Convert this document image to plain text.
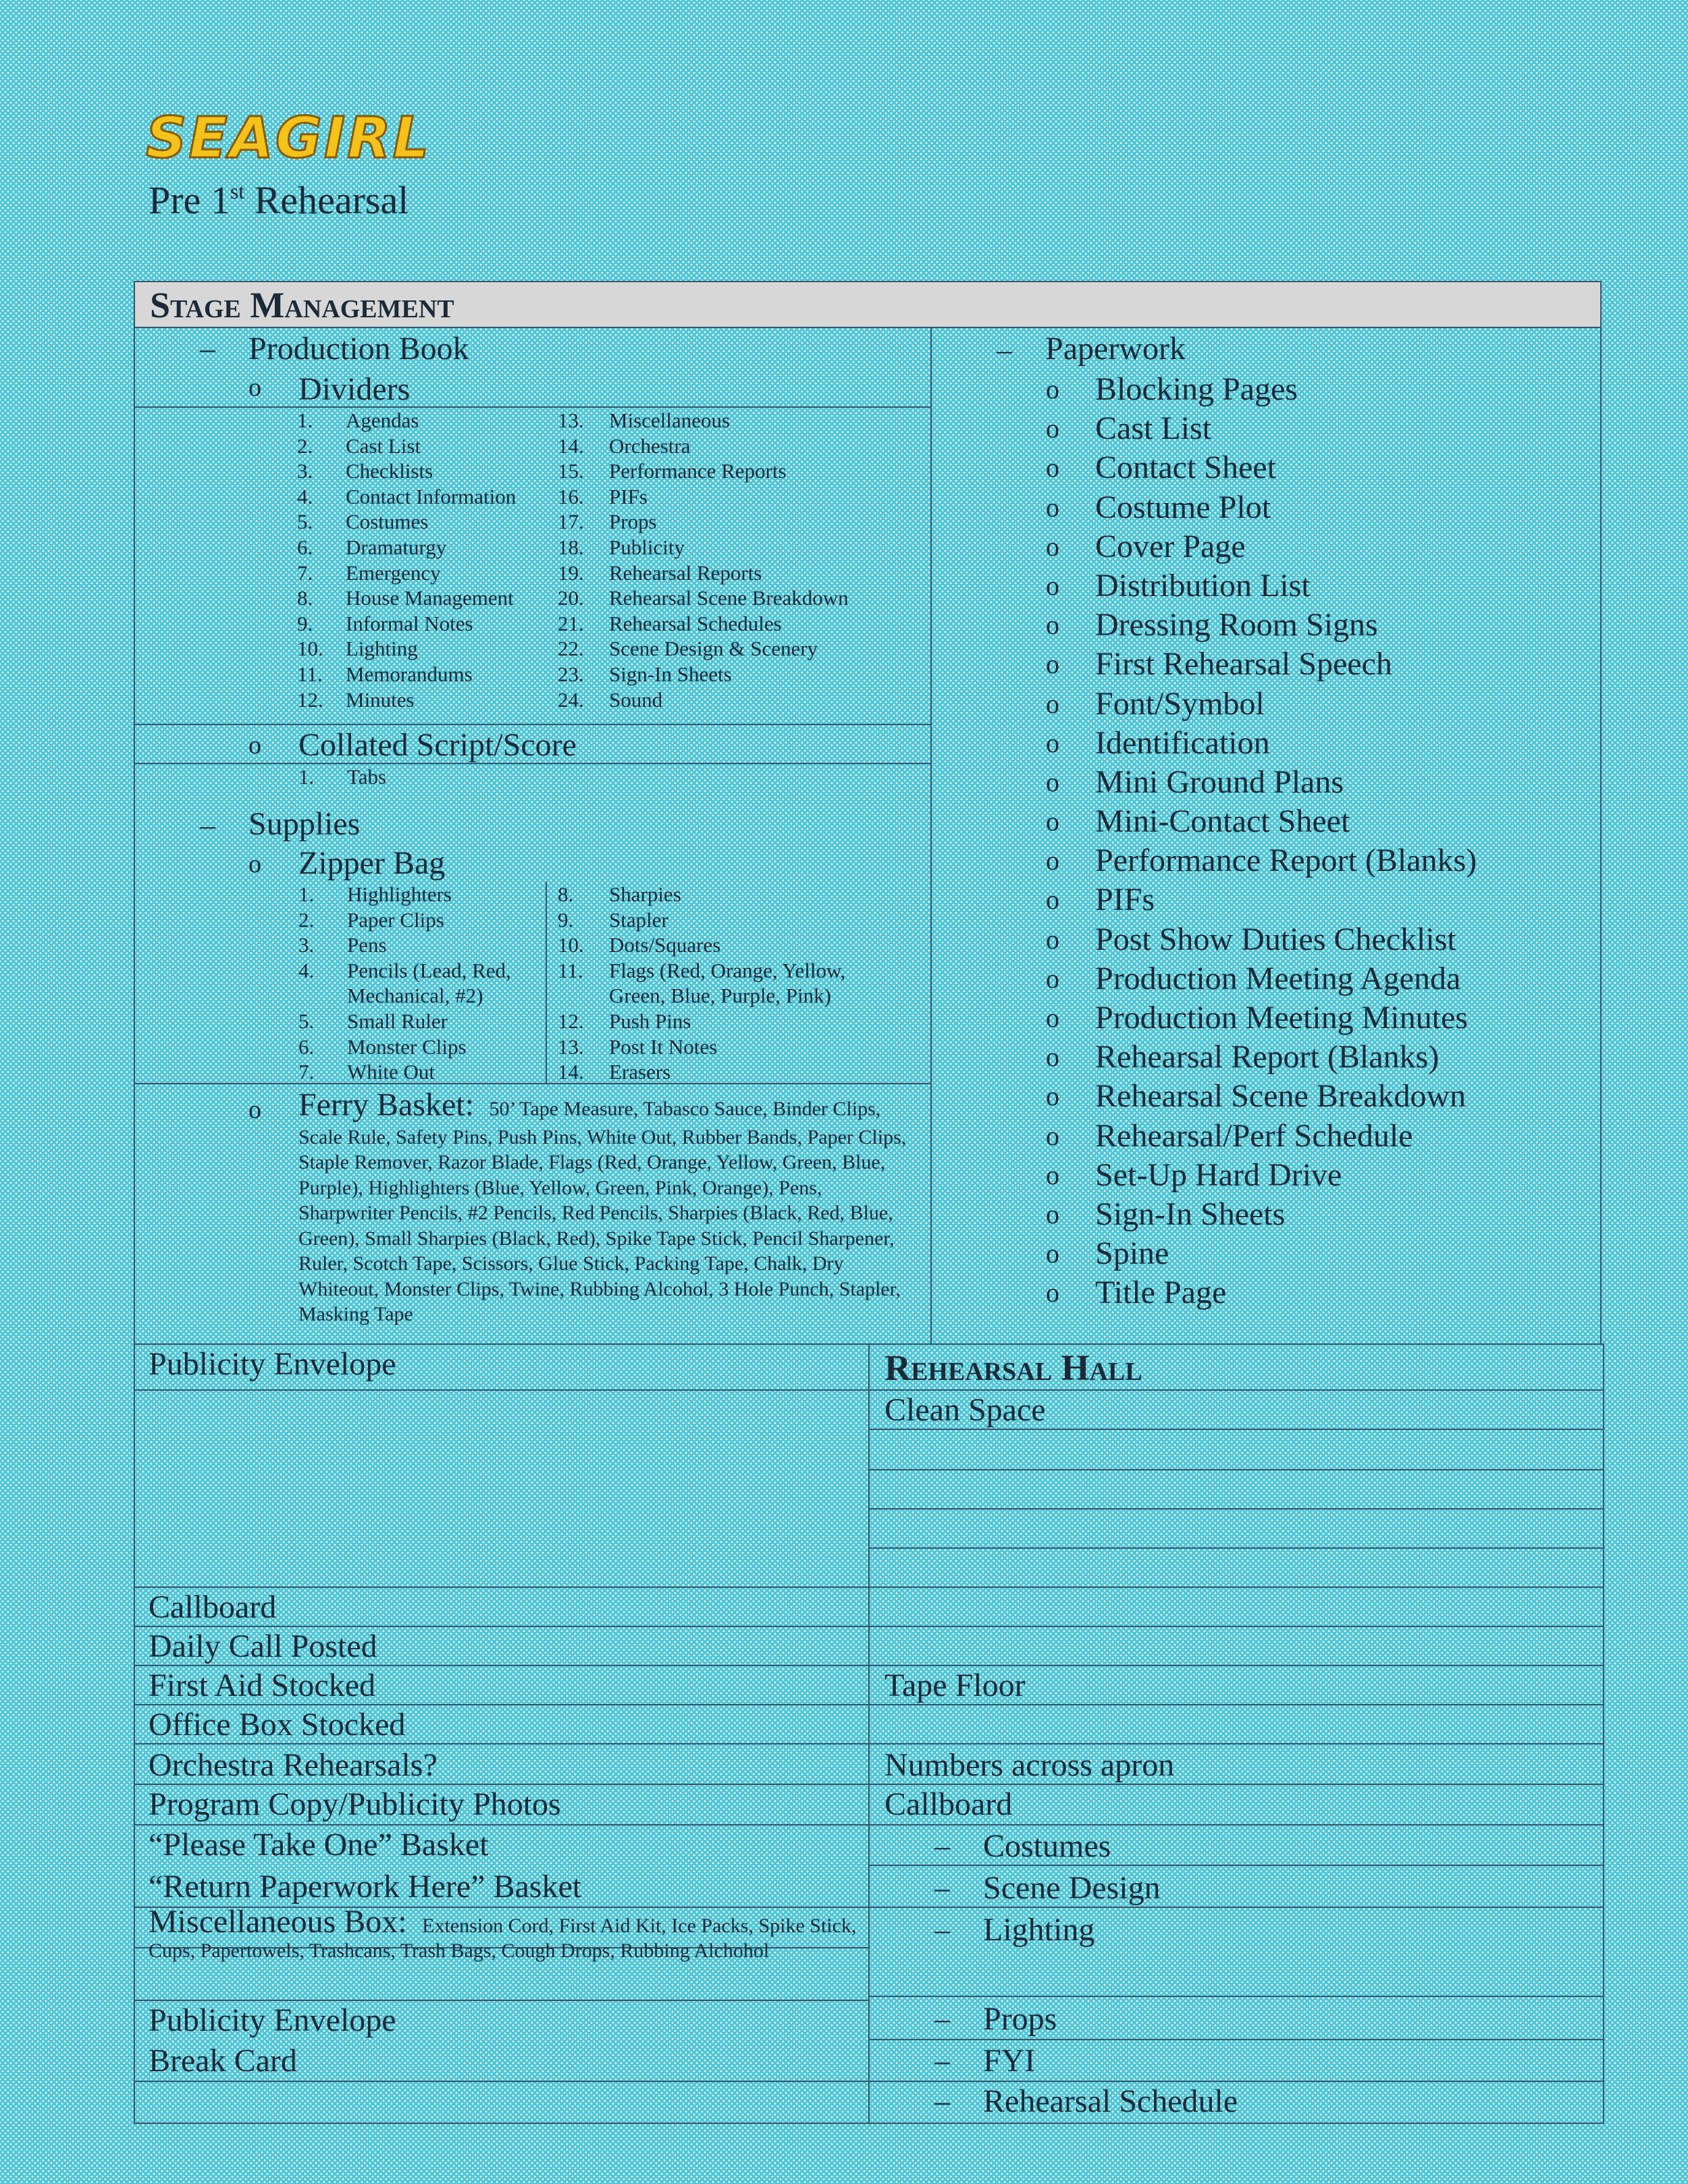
SEAGIRL
Pre 1st Rehearsal
Stage Management
– Production Book
o Dividers
1. Agendas
2. Cast List
3. Checklists
4. Contact Information
5. Costumes
6. Dramaturgy
7. Emergency
8. House Management
9. Informal Notes
10. Lighting
11. Memorandums
12. Minutes
13. Miscellaneous
14. Orchestra
15. Performance Reports
16. PIFs
17. Props
18. Publicity
19. Rehearsal Reports
20. Rehearsal Scene Breakdown
21. Rehearsal Schedules
22. Scene Design & Scenery
23. Sign-In Sheets
24. Sound
o Collated Script/Score
1. Tabs
– Supplies
o Zipper Bag
1. Highlighters
2. Paper Clips
3. Pens
4. Pencils (Lead, Red,
Mechanical, #2)
5. Small Ruler
6. Monster Clips
7. White Out
8. Sharpies
9. Stapler
10. Dots/Squares
11. Flags (Red, Orange, Yellow,
Green, Blue, Purple, Pink)
12. Push Pins
13. Post It Notes
14. Erasers
o Ferry Basket: 50’ Tape Measure, Tabasco Sauce, Binder Clips, Scale Rule, Safety Pins, Push Pins, White Out, Rubber Bands, Paper Clips, Staple Remover, Razor Blade, Flags (Red, Orange, Yellow, Green, Blue, Purple), Highlighters (Blue, Yellow, Green, Pink, Orange), Pens, Sharpwriter Pencils, #2 Pencils, Red Pencils, Sharpies (Black, Red, Blue, Green), Small Sharpies (Black, Red), Spike Tape Stick, Pencil Sharpener, Ruler, Scotch Tape, Scissors, Glue Stick, Packing Tape, Chalk, Dry Whiteout, Monster Clips, Twine, Rubbing Alcohol, 3 Hole Punch, Stapler, Masking Tape
– Paperwork
o Blocking Pages
o Cast List
o Contact Sheet
o Costume Plot
o Cover Page
o Distribution List
o Dressing Room Signs
o First Rehearsal Speech
o Font/Symbol
o Identification
o Mini Ground Plans
o Mini-Contact Sheet
o Performance Report (Blanks)
o PIFs
o Post Show Duties Checklist
o Production Meeting Agenda
o Production Meeting Minutes
o Rehearsal Report (Blanks)
o Rehearsal Scene Breakdown
o Rehearsal/Perf Schedule
o Set-Up Hard Drive
o Sign-In Sheets
o Spine
o Title Page
Publicity Envelope
Callboard
Daily Call Posted
First Aid Stocked
Office Box Stocked
Orchestra Rehearsals?
Program Copy/Publicity Photos
“Please Take One” Basket
“Return Paperwork Here” Basket
Miscellaneous Box: Extension Cord, First Aid Kit, Ice Packs, Spike Stick, Cups, Papertowels, Trashcans, Trash Bags, Cough Drops, Rubbing Alchohol
Publicity Envelope
Break Card
Rehearsal Hall
Clean Space
Tape Floor
Numbers across apron
Callboard
– Costumes
– Scene Design
– Lighting
– Props
– FYI
– Rehearsal Schedule
